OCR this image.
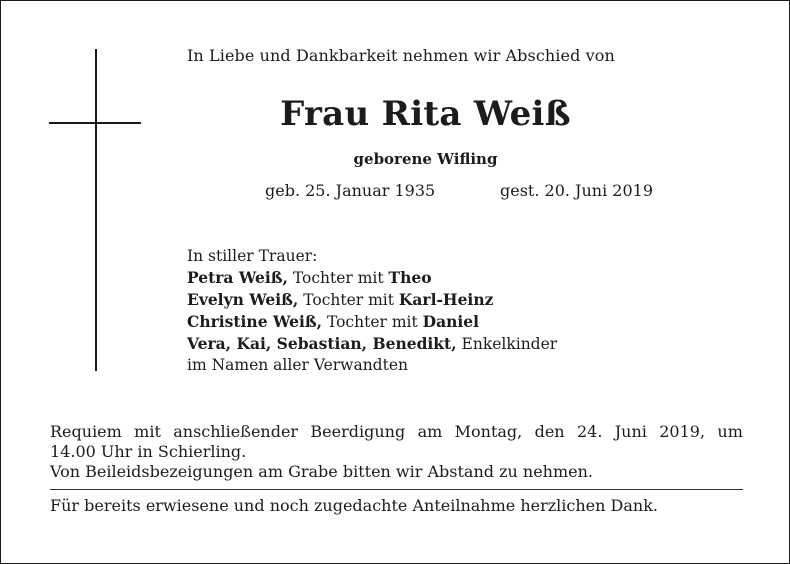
In Liebe und Dankbarkeit nehmen wir Abschied von
Frau Rita Weiß
geborene Wifling
geb. 25. Januar 1935	gest. 20. Juni 2019
In stiller Trauer:
Petra Weiß, Tochter mit Theo
Evelyn Weiß, Tochter mit Karl-Heinz
Christine Weiß, Tochter mit Daniel
Vera, Kai, Sebastian, Benedikt, Enkelkinder
im Namen aller Verwandten
Requiem mit anschließender Beerdigung am Montag, den 24. Juni 2019, um
14.00 Uhr in Schierling.
Von Beileidsbezeigungen am Grabe bitten wir Abstand zu nehmen.
Für bereits erwiesene und noch zugedachte Anteilnahme herzlichen Dank.
